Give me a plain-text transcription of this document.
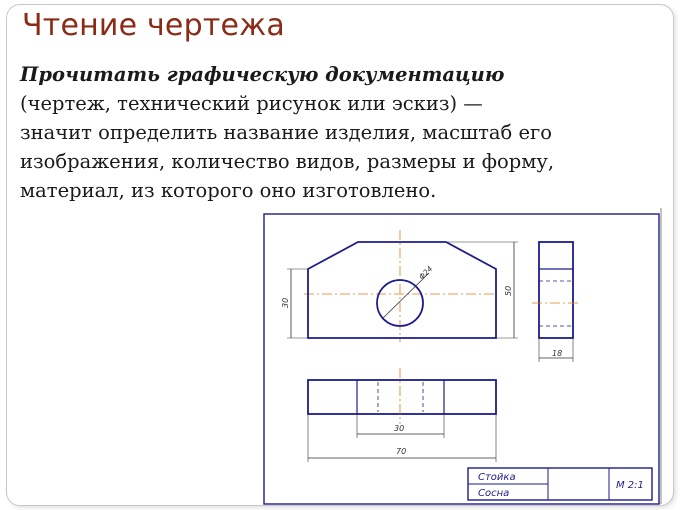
Чтение чертежа
Прочитать графическую документацию
(чертеж, технический рисунок или эскиз) —
значит определить название изделия, масштаб его
изображения, количество видов, размеры и форму,
материал, из которого оно изготовлено.
Φ24
30
50
18
30
70
Стойка
Сосна
М 2:1
